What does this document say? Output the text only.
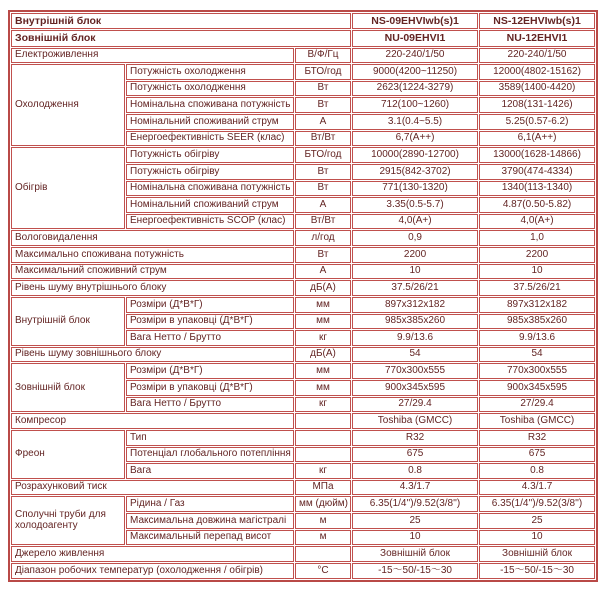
Внутрішній блок			NS-09EHVIwb(s)1	NS-12EHVIwb(s)1
Зовнішній блок			NU-09EHVI1	NU-12EHVI1
Електроживлення		В/Ф/Гц	220-240/1/50	220-240/1/50
Охолодження	Потужність охолодження	БТО/год	9000(4200~11250)	12000(4802-15162)
	Потужність охолодження	Вт	2623(1224-3279)	3589(1400-4420)
	Номінальна споживана потужність	Вт	712(100~1260)	1208(131-1426)
	Номінальний споживаний струм	А	3.1(0.4~5.5)	5.25(0.57-6.2)
	Енергоефективність SEER (клас)	Вт/Вт	6,7(А++)	6,1(А++)
Обігрів	Потужність обігріву	БТО/год	10000(2890-12700)	13000(1628-14866)
	Потужність обігріву	Вт	2915(842-3702)	3790(474-4334)
	Номінальна споживана потужність	Вт	771(130-1320)	1340(113-1340)
	Номінальний споживаний струм	А	3.35(0.5-5.7)	4.87(0.50-5.82)
	Енергоефективність SCOP (клас)	Вт/Вт	4,0(А+)	4,0(А+)
Вологовидалення		л/год	0,9	1,0
Максимально споживана потужність		Вт	2200	2200
Максимальний споживний струм		А	10	10
Рівень шуму внутрішнього блоку		дБ(А)	37.5/26/21	37.5/26/21
Внутрішній блок	Розміри (Д*В*Г)	мм	897х312х182	897х312х182
	Розміри в упаковці (Д*В*Г)	мм	985х385х260	985х385х260
	Вага Нетто / Брутто	кг	9.9/13.6	9.9/13.6
Рівень шуму зовнішнього блоку		дБ(А)	54	54
Зовнішній блок	Розміри (Д*В*Г)	мм	770х300х555	770х300х555
	Розміри в упаковці (Д*В*Г)	мм	900х345х595	900х345х595
	Вага Нетто / Брутто	кг	27/29.4	27/29.4
Компресор			Toshiba (GMCC)	Toshiba (GMCC)
Фреон	Тип		R32	R32
	Потенціал глобального потепління		675	675
	Вага	кг	0.8	0.8
Розрахунковий тиск		МПа	4.3/1.7	4.3/1.7
Сполучні труби для холодоагенту	Рідина / Газ	мм (дюйм)	6.35(1/4'')/9.52(3/8'')	6.35(1/4'')/9.52(3/8'')
	Максимальна довжина магістралі	м	25	25
	Максимальный перепад висот	м	10	10
Джерело живлення			Зовнішній блок	Зовнішній блок
Діапазон робочих температур (охолодження / обігрів)		°С	-15～50/-15～30	-15～50/-15～30
